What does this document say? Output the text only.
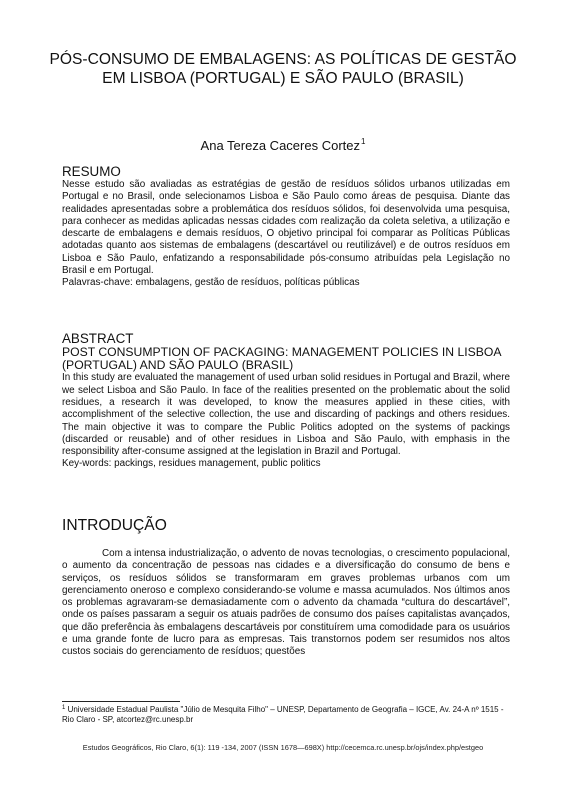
PÓS-CONSUMO DE EMBALAGENS: AS POLÍTICAS DE GESTÃO EM LISBOA (PORTUGAL) E SÃO PAULO (BRASIL)
Ana Tereza Caceres Cortez$^1$
RESUMO

Nesse estudo são avaliadas as estratégias de gestão de resíduos sólidos urbanos utilizadas em Portugal e no Brasil, onde selecionamos Lisboa e São Paulo como áreas de pesquisa. Diante das realidades apresentadas sobre a problemática dos resíduos sólidos, foi desenvolvida uma pesquisa, para conhecer as medidas aplicadas nessas cidades com realização da coleta seletiva, a utilização e descarte de embalagens e demais resíduos, O objetivo principal foi comparar as Políticas Públicas adotadas quanto aos sistemas de embalagens (descartável ou reutilizável) e de outros resíduos em Lisboa e São Paulo, enfatizando a responsabilidade pós-consumo atribuídas pela Legislação no Brasil e em Portugal.

Palavras-chave: embalagens, gestão de resíduos, políticas públicas

ABSTRACT

POST CONSUMPTION OF PACKAGING: MANAGEMENT POLICIES IN LISBOA (PORTUGAL) AND SÃO PAULO (BRASIL)

In this study are evaluated the management of used urban solid residues in Portugal and Brazil, where we select Lisboa and São Paulo. In face of the realities presented on the problematic about the solid residues, a research it was developed, to know the measures applied in these cities, with accomplishment of the selective collection, the use and discarding of packings and others residues. The main objective it was to compare the Public Politics adopted on the systems of packings (discarded or reusable) and of other residues in Lisboa and São Paulo, with emphasis in the responsibility after-consume assigned at the legislation in Brazil and Portugal.

Key-words: packings, residues management, public politics

INTRODUÇÃO

Com a intensa industrialização, o advento de novas tecnologias, o crescimento populacional, o aumento da concentração de pessoas nas cidades e a diversificação do consumo de bens e serviços, os resíduos sólidos se transformaram em graves problemas urbanos com um gerenciamento oneroso e complexo considerando-se volume e massa acumulados. Nos últimos anos os problemas agravaram-se demasiadamente com o advento da chamada “cultura do descartável”, onde os países passaram a seguir os atuais padrões de consumo dos países capitalistas avançados, que dão preferência às embalagens descartáveis por constituírem uma comodidade para os usuários e uma grande fonte de lucro para as empresas. Tais transtornos podem ser resumidos nos altos custos sociais do gerenciamento de resíduos; questões

$^1$ Universidade Estadual Paulista "Júlio de Mesquita Filho" – UNESP, Departamento de Geografia – IGCE, Av. 24-A nº 1515 - Rio Claro - SP, atcortez@rc.unesp.br

Estudos Geográficos, Rio Claro, 6(1): 119 -134, 2007 (ISSN 1678—698X) http://cecemca.rc.unesp.br/ojs/index.php/estgeo
